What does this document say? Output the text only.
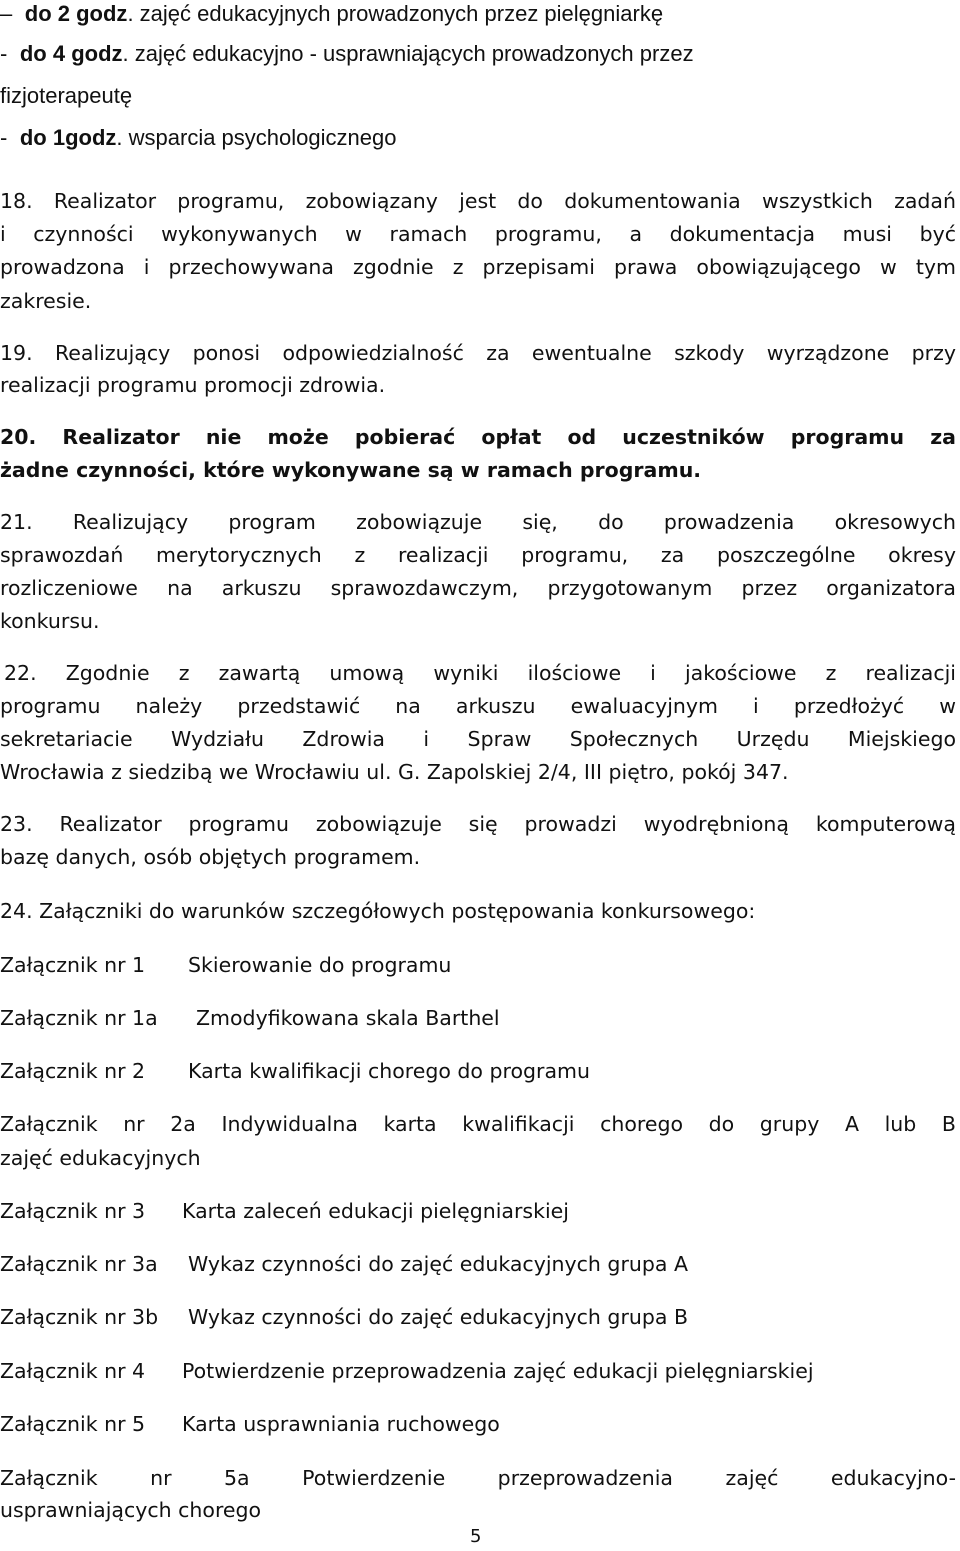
– do 2 godz. zajęć edukacyjnych prowadzonych przez pielęgniarkę
- do 4 godz. zajęć edukacyjno - usprawniających prowadzonych przez
fizjoterapeutę
- do 1godz. wsparcia psychologicznego
18. Realizator programu, zobowiązany jest do dokumentowania wszystkich zadań
i czynności wykonywanych w ramach programu, a dokumentacja musi być
prowadzona i przechowywana zgodnie z przepisami prawa obowiązującego w tym
zakresie.
19. Realizujący ponosi odpowiedzialność za ewentualne szkody wyrządzone przy
realizacji programu promocji zdrowia.
20. Realizator nie może pobierać opłat od uczestników programu za
żadne czynności, które wykonywane są w ramach programu.
21. Realizujący program zobowiązuje się, do prowadzenia okresowych
sprawozdań merytorycznych z realizacji programu, za poszczególne okresy
rozliczeniowe na arkuszu sprawozdawczym, przygotowanym przez organizatora
konkursu.
22. Zgodnie z zawartą umową wyniki ilościowe i jakościowe z realizacji
programu należy przedstawić na arkuszu ewaluacyjnym i przedłożyć w
sekretariacie Wydziału Zdrowia i Spraw Społecznych Urzędu Miejskiego
Wrocławia z siedzibą we Wrocławiu ul. G. Zapolskiej 2/4, III piętro, pokój 347.
23. Realizator programu zobowiązuje się prowadzi wyodrębnioną komputerową
bazę danych, osób objętych programem.
24. Załączniki do warunków szczegółowych postępowania konkursowego:
Załącznik nr 1 Skierowanie do programu
Załącznik nr 1a Zmodyfikowana skala Barthel
Załącznik nr 2 Karta kwalifikacji chorego do programu
Załącznik nr 2a Indywidualna karta kwalifikacji chorego do grupy A lub B
zajęć edukacyjnych
Załącznik nr 3 Karta zaleceń edukacji pielęgniarskiej
Załącznik nr 3a Wykaz czynności do zajęć edukacyjnych grupa A
Załącznik nr 3b Wykaz czynności do zajęć edukacyjnych grupa B
Załącznik nr 4 Potwierdzenie przeprowadzenia zajęć edukacji pielęgniarskiej
Załącznik nr 5 Karta usprawniania ruchowego
Załącznik nr 5a	Potwierdzenie przeprowadzenia zajęć edukacyjno-
usprawniających chorego
5
